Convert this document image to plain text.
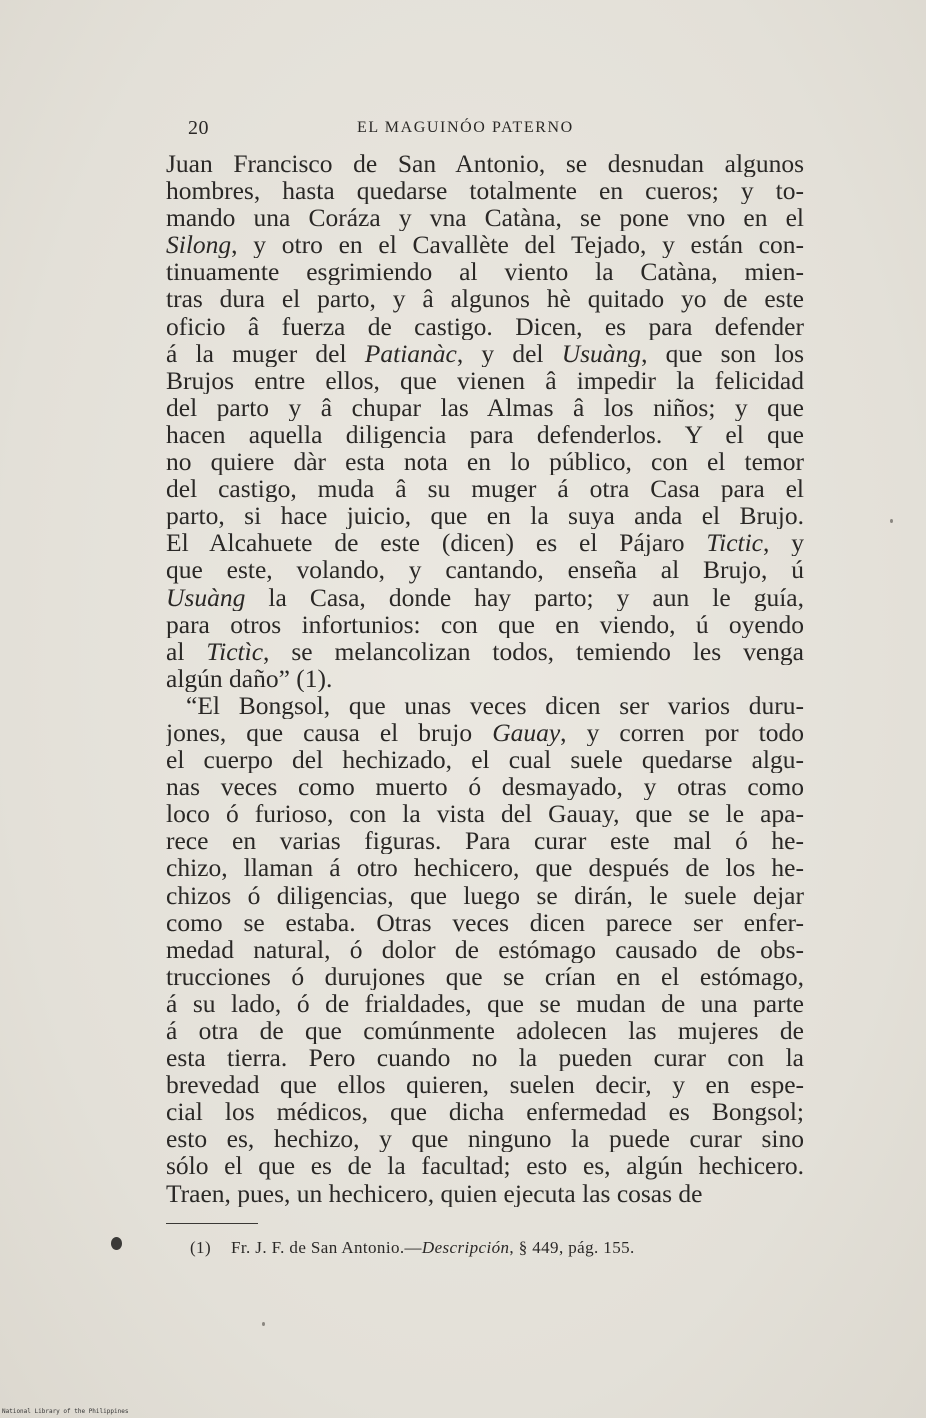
20	EL MAGUINÓO PATERNO
Juan Francisco de San Antonio, se desnudan algunos
hombres, hasta quedarse totalmente en cueros; y to-
mando una Coráza y vna Catàna, se pone vno en el
Silong, y otro en el Cavallète del Tejado, y están con-
tinuamente esgrimiendo al viento la Catàna, mien-
tras dura el parto, y â algunos hè quitado yo de este
oficio â fuerza de castigo. Dicen, es para defender
á la muger del Patianàc, y del Usuàng, que son los
Brujos entre ellos, que vienen â impedir la felicidad
del parto y â chupar las Almas â los niños; y que
hacen aquella diligencia para defenderlos. Y el que
no quiere dàr esta nota en lo público, con el temor
del castigo, muda â su muger á otra Casa para el
parto, si hace juicio, que en la suya anda el Brujo.
El Alcahuete de este (dicen) es el Pájaro Tictic, y
que este, volando, y cantando, enseña al Brujo, ú
Usuàng la Casa, donde hay parto; y aun le guía,
para otros infortunios: con que en viendo, ú oyendo
al Tictìc, se melancolizan todos, temiendo les venga
algún daño” (1).
“El Bongsol, que unas veces dicen ser varios duru-
jones, que causa el brujo Gauay, y corren por todo
el cuerpo del hechizado, el cual suele quedarse algu-
nas veces como muerto ó desmayado, y otras como
loco ó furioso, con la vista del Gauay, que se le apa-
rece en varias figuras. Para curar este mal ó he-
chizo, llaman á otro hechicero, que después de los he-
chizos ó diligencias, que luego se dirán, le suele dejar
como se estaba. Otras veces dicen parece ser enfer-
medad natural, ó dolor de estómago causado de obs-
trucciones ó durujones que se crían en el estómago,
á su lado, ó de frialdades, que se mudan de una parte
á otra de que comúnmente adolecen las mujeres de
esta tierra. Pero cuando no la pueden curar con la
brevedad que ellos quieren, suelen decir, y en espe-
cial los médicos, que dicha enfermedad es Bongsol;
esto es, hechizo, y que ninguno la puede curar sino
sólo el que es de la facultad; esto es, algún hechicero.
Traen, pues, un hechicero, quien ejecuta las cosas de
(1) Fr. J. F. de San Antonio.—Descripción, § 449, pág. 155.
National Library of the Philippines
